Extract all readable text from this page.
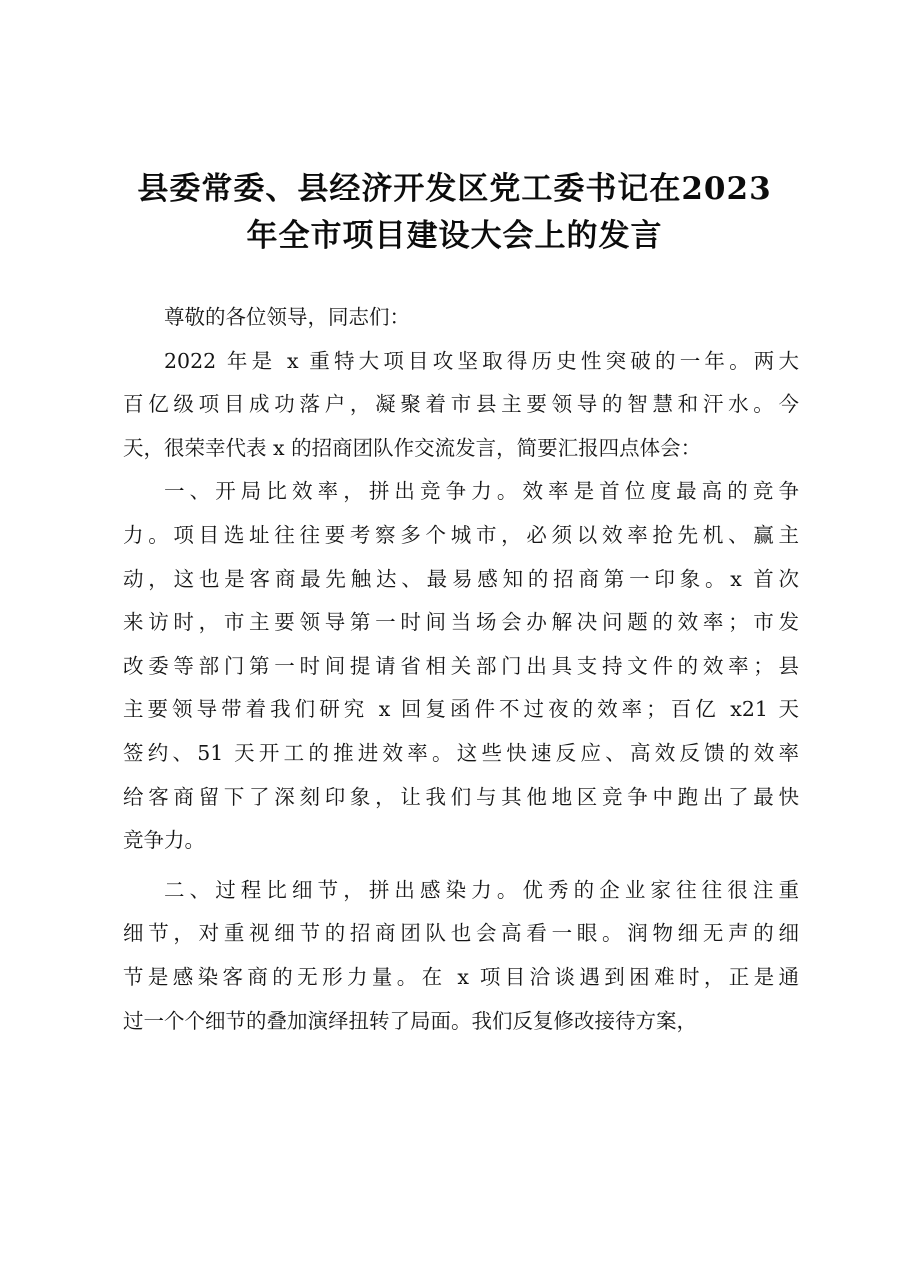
县委常委、县经济开发区党工委书记在2023
年全市项目建设大会上的发言
尊敬的各位领导，同志们：
2022 年是 x 重特大项目攻坚取得历史性突破的一年。两大
百亿级项目成功落户，凝聚着市县主要领导的智慧和汗水。今
天，很荣幸代表 x 的招商团队作交流发言，简要汇报四点体会：
一、开局比效率，拼出竞争力。效率是首位度最高的竞争
力。项目选址往往要考察多个城市，必须以效率抢先机、赢主
动，这也是客商最先触达、最易感知的招商第一印象。x 首次
来访时，市主要领导第一时间当场会办解决问题的效率；市发
改委等部门第一时间提请省相关部门出具支持文件的效率；县
主要领导带着我们研究 x 回复函件不过夜的效率；百亿 x21 天
签约、51 天开工的推进效率。这些快速反应、高效反馈的效率
给客商留下了深刻印象，让我们与其他地区竞争中跑出了最快
竞争力。
二、过程比细节，拼出感染力。优秀的企业家往往很注重
细节，对重视细节的招商团队也会高看一眼。润物细无声的细
节是感染客商的无形力量。在 x 项目洽谈遇到困难时，正是通
过一个个细节的叠加演绎扭转了局面。我们反复修改接待方案，
